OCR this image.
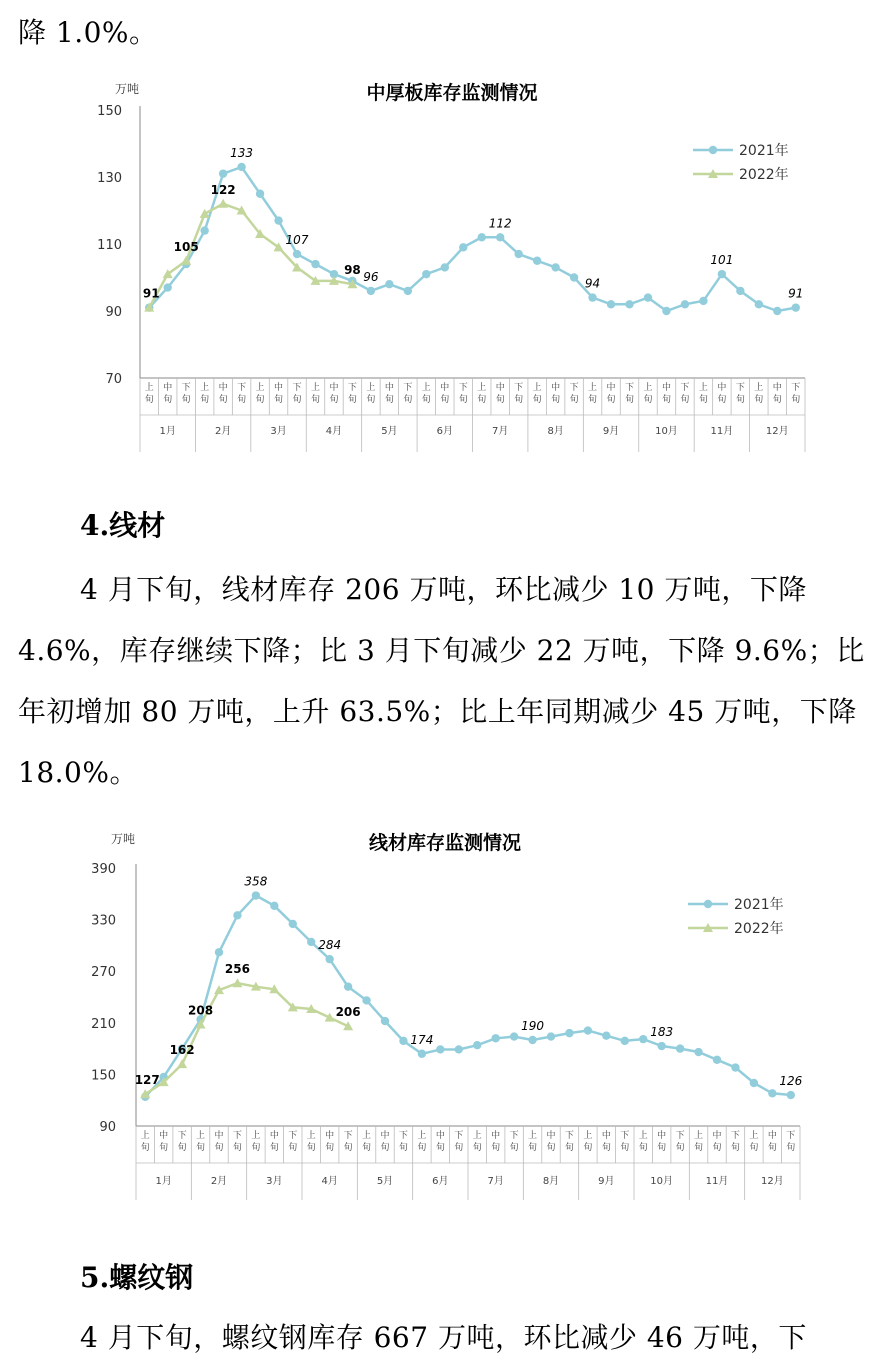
降 1.0%。

中厚板库存监测情况
万吨
70
90
110
130
150
上
旬
中
旬
下
旬
上
旬
中
旬
下
旬
上
旬
中
旬
下
旬
上
旬
中
旬
下
旬
上
旬
中
旬
下
旬
上
旬
中
旬
下
旬
上
旬
中
旬
下
旬
上
旬
中
旬
下
旬
上
旬
中
旬
下
旬
上
旬
中
旬
下
旬
上
旬
中
旬
下
旬
上
旬
中
旬
下
旬
1月	2月	3月	4月	5月	6月	7月	8月	9月	10月	11月	12月
133
107
96
112
94
101
91
91
105
122
98
2021年
2022年

4.线材

4 月下旬，线材库存 206 万吨，环比减少 10 万吨，下降 4.6%，库存继续下降；比 3 月下旬减少 22 万吨，下降 9.6%；比年初增加 80 万吨，上升 63.5%；比上年同期减少 45 万吨，下降 18.0%。

线材库存监测情况
万吨
90
150
210
270
330
390
上
旬
中
旬
下
旬
上
旬
中
旬
下
旬
上
旬
中
旬
下
旬
上
旬
中
旬
下
旬
上
旬
中
旬
下
旬
上
旬
中
旬
下
旬
上
旬
中
旬
下
旬
上
旬
中
旬
下
旬
上
旬
中
旬
下
旬
上
旬
中
旬
下
旬
上
旬
中
旬
下
旬
上
旬
中
旬
下
旬
1月	2月	3月	4月	5月	6月	7月	8月	9月	10月	11月	12月
358
284
174
190	183
126
127
162
208
256
206
2021年
2022年

5.螺纹钢

4 月下旬，螺纹钢库存 667 万吨，环比减少 46 万吨，下
